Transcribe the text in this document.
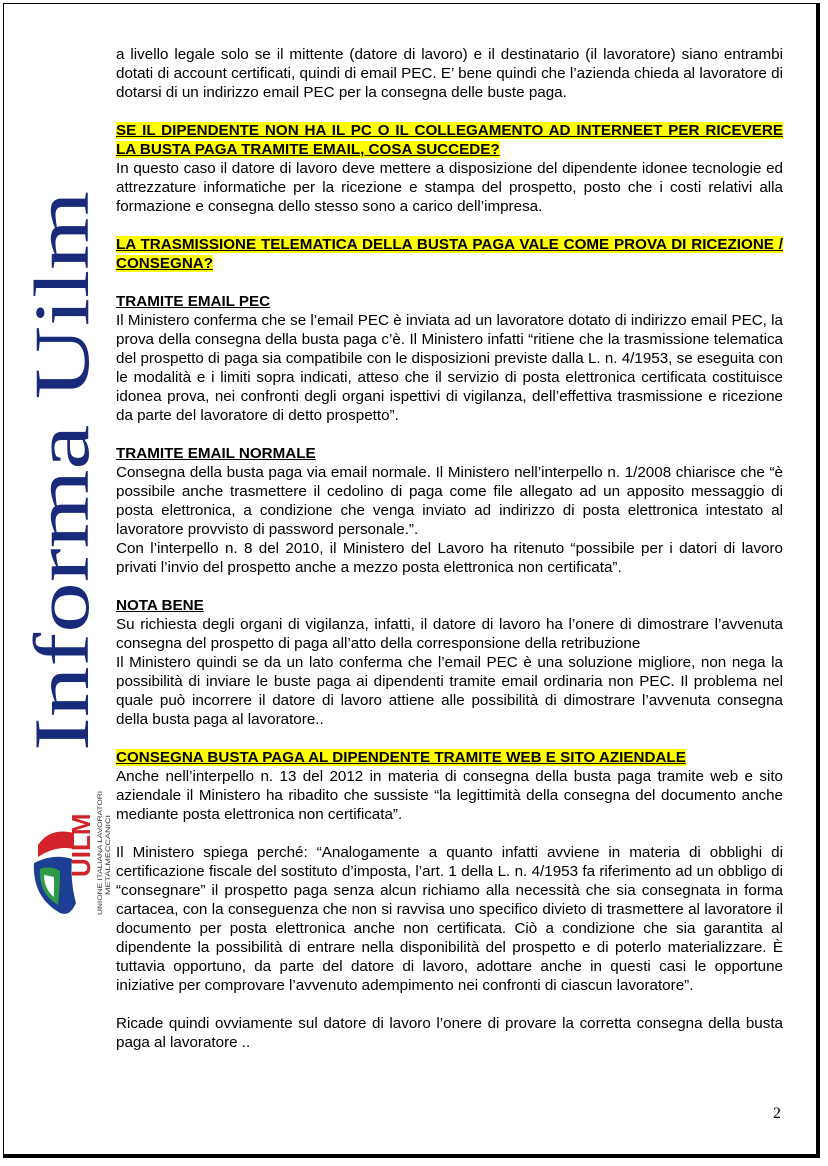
Informa Uilm
UILM UNIONE ITALIANA LAVORATORI METALMECCANICI

a livello legale solo se il mittente (datore di lavoro) e il destinatario (il lavoratore) siano entrambi dotati di account certificati, quindi di email PEC. E’ bene quindi che l’azienda chieda al lavoratore di dotarsi di un indirizzo email PEC per la consegna delle buste paga.

SE IL DIPENDENTE NON HA IL PC O IL COLLEGAMENTO AD INTERNEET PER RICEVERE LA BUSTA PAGA TRAMITE EMAIL, COSA SUCCEDE?

In questo caso il datore di lavoro deve mettere a disposizione del dipendente idonee tecnologie ed attrezzature informatiche per la ricezione e stampa del prospetto, posto che i costi relativi alla formazione e consegna dello stesso sono a carico dell’impresa.

LA TRASMISSIONE TELEMATICA DELLA BUSTA PAGA VALE COME PROVA DI RICEZIONE / CONSEGNA?

TRAMITE EMAIL PEC

Il Ministero conferma che se l’email PEC è inviata ad un lavoratore dotato di indirizzo email PEC, la prova della consegna della busta paga c’è. Il Ministero infatti “ritiene che la trasmissione telematica del prospetto di paga sia compatibile con le disposizioni previste dalla L. n. 4/1953, se eseguita con le modalità e i limiti sopra indicati, atteso che il servizio di posta elettronica certificata costituisce idonea prova, nei confronti degli organi ispettivi di vigilanza, dell’effettiva trasmissione e ricezione da parte del lavoratore di detto prospetto”.

TRAMITE EMAIL NORMALE

Consegna della busta paga via email normale. Il Ministero nell’interpello n. 1/2008 chiarisce che “è possibile anche trasmettere il cedolino di paga come file allegato ad un apposito messaggio di posta elettronica, a condizione che venga inviato ad indirizzo di posta elettronica intestato al lavoratore provvisto di password personale.”.

Con l’interpello n. 8 del 2010, il Ministero del Lavoro ha ritenuto “possibile per i datori di lavoro privati l’invio del prospetto anche a mezzo posta elettronica non certificata”.

NOTA BENE

Su richiesta degli organi di vigilanza, infatti, il datore di lavoro ha l’onere di dimostrare l’avvenuta consegna del prospetto di paga all’atto della corresponsione della retribuzione

Il Ministero quindi se da un lato conferma che l’email PEC è una soluzione migliore, non nega la possibilità di inviare le buste paga ai dipendenti tramite email ordinaria non PEC. Il problema nel quale può incorrere il datore di lavoro attiene alle possibilità di dimostrare l’avvenuta consegna della busta paga al lavoratore..

CONSEGNA BUSTA PAGA AL DIPENDENTE TRAMITE WEB E SITO AZIENDALE

Anche nell’interpello n. 13 del 2012 in materia di consegna della busta paga tramite web e sito aziendale il Ministero ha ribadito che sussiste “la legittimità della consegna del documento anche mediante posta elettronica non certificata”.

Il Ministero spiega perché: “Analogamente a quanto infatti avviene in materia di obblighi di certificazione fiscale del sostituto d’imposta, l’art. 1 della L. n. 4/1953 fa riferimento ad un obbligo di “consegnare” il prospetto paga senza alcun richiamo alla necessità che sia consegnata in forma cartacea, con la conseguenza che non si ravvisa uno specifico divieto di trasmettere al lavoratore il documento per posta elettronica anche non certificata. Ciò a condizione che sia garantita al dipendente la possibilità di entrare nella disponibilità del prospetto e di poterlo materializzare. È tuttavia opportuno, da parte del datore di lavoro, adottare anche in questi casi le opportune iniziative per comprovare l’avvenuto adempimento nei confronti di ciascun lavoratore”.

Ricade quindi ovviamente sul datore di lavoro l’onere di provare la corretta consegna della busta paga al lavoratore ..

2
